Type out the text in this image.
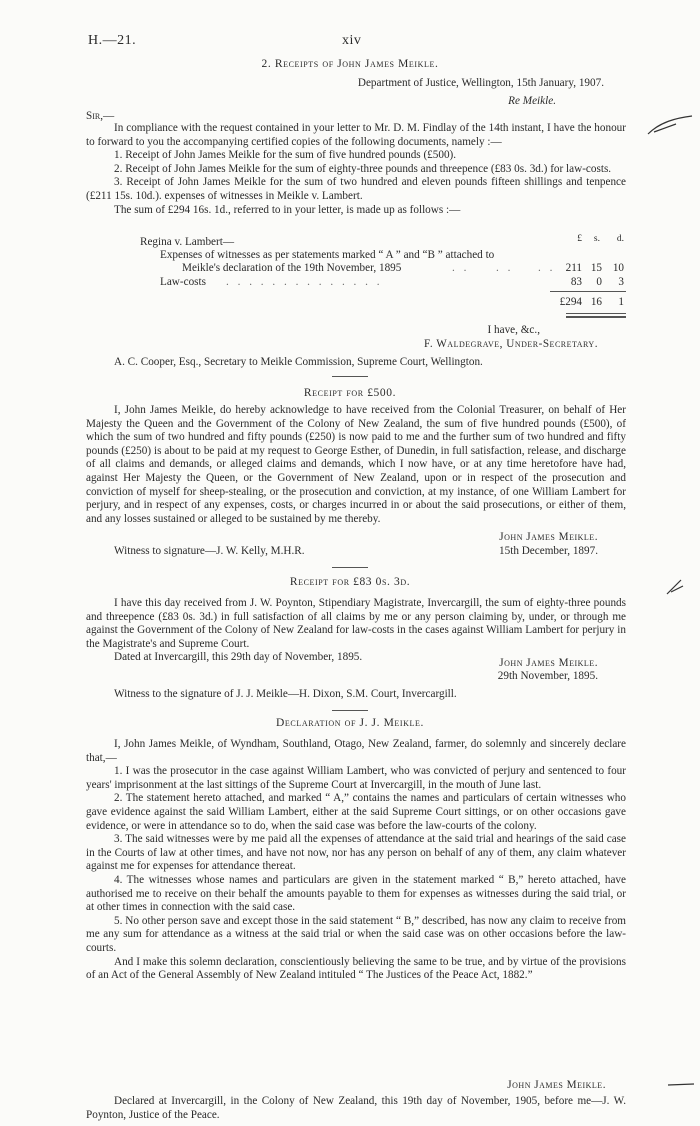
H.—21.	xiv
2. Receipts of John James Meikle.
Department of Justice, Wellington, 15th January, 1907.
Re Meikle.
Sir,—

In compliance with the request contained in your letter to Mr. D. M. Findlay of the 14th instant, I have the honour to forward to you the accompanying certified copies of the following documents, namely :—

1. Receipt of John James Meikle for the sum of five hundred pounds (£500).

2. Receipt of John James Meikle for the sum of eighty-three pounds and threepence (£83 0s. 3d.) for law-costs.

3. Receipt of John James Meikle for the sum of two hundred and eleven pounds fifteen shillings and tenpence (£211 15s. 10d.). expenses of witnesses in Meikle v. Lambert.

The sum of £294 16s. 1d., referred to in your letter, is made up as follows :—

Regina v. Lambert—	£	s.	d.
Expenses of witnesses as per statements marked “ A ” and “B ” attached to
Meikle's declaration of the 19th November, 1895	. . . . . . 211 15 10
Law-costs . . . . . . . . . . . . . .	83	0	3
£294 16	1
I have, &c.,
F. Waldegrave, Under-Secretary.
A. C. Cooper, Esq., Secretary to Meikle Commission, Supreme Court, Wellington.
Receipt for £500.

I, John James Meikle, do hereby acknowledge to have received from the Colonial Treasurer, on behalf of Her Majesty the Queen and the Government of the Colony of New Zealand, the sum of five hundred pounds (£500), of which the sum of two hundred and fifty pounds (£250) is now paid to me and the further sum of two hundred and fifty pounds (£250) is about to be paid at my request to George Esther, of Dunedin, in full satisfaction, release, and discharge of all claims and demands, or alleged claims and demands, which I now have, or at any time heretofore have had, against Her Majesty the Queen, or the Government of New Zealand, upon or in respect of the prosecution and conviction of myself for sheep-stealing, or the prosecution and conviction, at my instance, of one William Lambert for perjury, and in respect of any expenses, costs, or charges incurred in or about the said prosecutions, or either of them, and any losses sustained or alleged to be sustained by me thereby.

John James Meikle.
Witness to signature—J. W. Kelly, M.H.R.	15th December, 1897.
Receipt for £83 0s. 3d.

I have this day received from J. W. Poynton, Stipendiary Magistrate, Invercargill, the sum of eighty-three pounds and threepence (£83 0s. 3d.) in full satisfaction of all claims by me or any person claiming by, under, or through me against the Government of the Colony of New Zealand for law-costs in the cases against William Lambert for perjury in the Magistrate's and Supreme Court.

Dated at Invercargill, this 29th day of November, 1895.	John James Meikle.
29th November, 1895.
Witness to the signature of J. J. Meikle—H. Dixon, S.M. Court, Invercargill.
Declaration of J. J. Meikle.

I, John James Meikle, of Wyndham, Southland, Otago, New Zealand, farmer, do solemnly and sincerely declare that,—

1. I was the prosecutor in the case against William Lambert, who was convicted of perjury and sentenced to four years' imprisonment at the last sittings of the Supreme Court at Invercargill, in the mouth of June last.

2. The statement hereto attached, and marked “ A,” contains the names and particulars of certain witnesses who gave evidence against the said William Lambert, either at the said Supreme Court sittings, or on other occasions gave evidence, or were in attendance so to do, when the said case was before the law-courts of the colony.

3. The said witnesses were by me paid all the expenses of attendance at the said trial and hearings of the said case in the Courts of law at other times, and have not now, nor has any person on behalf of any of them, any claim whatever against me for expenses for attendance thereat.

4. The witnesses whose names and particulars are given in the statement marked “ B,” hereto attached, have authorised me to receive on their behalf the amounts payable to them for expenses as witnesses during the said trial, or at other times in connection with the said case.

5. No other person save and except those in the said statement “ B,” described, has now any claim to receive from me any sum for attendance as a witness at the said trial or when the said case was on other occasions before the law-courts.

And I make this solemn declaration, conscientiously believing the same to be true, and by virtue of the provisions of an Act of the General Assembly of New Zealand intituled “ The Justices of the Peace Act, 1882.”

John James Meikle.

Declared at Invercargill, in the Colony of New Zealand, this 19th day of November, 1905, before me—J. W. Poynton, Justice of the Peace.
